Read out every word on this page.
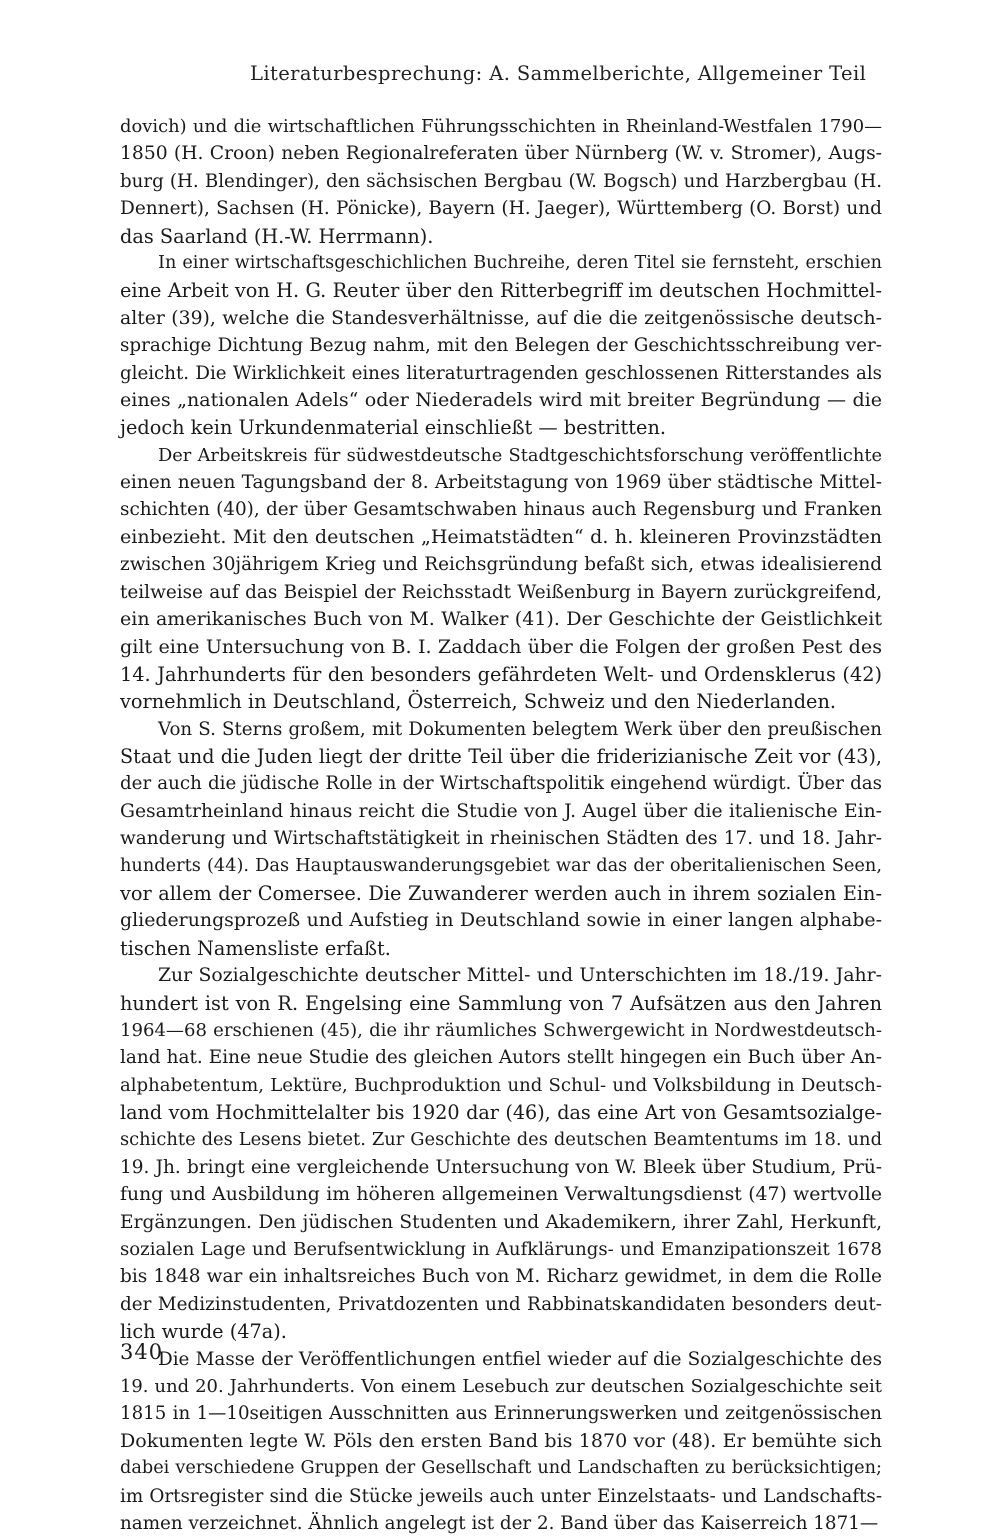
Literaturbesprechung: A. Sammelberichte, Allgemeiner Teil
dovich) und die wirtschaftlichen Führungsschichten in Rheinland-Westfalen 1790—
1850 (H. Croon) neben Regionalreferaten über Nürnberg (W. v. Stromer), Augs-
burg (H. Blendinger), den sächsischen Bergbau (W. Bogsch) und Harzbergbau (H.
Dennert), Sachsen (H. Pönicke), Bayern (H. Jaeger), Württemberg (O. Borst) und
das Saarland (H.-W. Herrmann).
In einer wirtschaftsgeschichlichen Buchreihe, deren Titel sie fernsteht, erschien
eine Arbeit von H. G. Reuter über den Ritterbegriff im deutschen Hochmittel-
alter (39), welche die Standesverhältnisse, auf die die zeitgenössische deutsch-
sprachige Dichtung Bezug nahm, mit den Belegen der Geschichtsschreibung ver-
gleicht. Die Wirklichkeit eines literaturtragenden geschlossenen Ritterstandes als
eines „nationalen Adels“ oder Niederadels wird mit breiter Begründung — die
jedoch kein Urkundenmaterial einschließt — bestritten.
Der Arbeitskreis für südwestdeutsche Stadtgeschichtsforschung veröffentlichte
einen neuen Tagungsband der 8. Arbeitstagung von 1969 über städtische Mittel-
schichten (40), der über Gesamtschwaben hinaus auch Regensburg und Franken
einbezieht. Mit den deutschen „Heimatstädten“ d. h. kleineren Provinzstädten
zwischen 30jährigem Krieg und Reichsgründung befaßt sich, etwas idealisierend
teilweise auf das Beispiel der Reichsstadt Weißenburg in Bayern zurückgreifend,
ein amerikanisches Buch von M. Walker (41). Der Geschichte der Geistlichkeit
gilt eine Untersuchung von B. I. Zaddach über die Folgen der großen Pest des
14. Jahrhunderts für den besonders gefährdeten Welt- und Ordensklerus (42)
vornehmlich in Deutschland, Österreich, Schweiz und den Niederlanden.
Von S. Sterns großem, mit Dokumenten belegtem Werk über den preußischen
Staat und die Juden liegt der dritte Teil über die friderizianische Zeit vor (43),
der auch die jüdische Rolle in der Wirtschaftspolitik eingehend würdigt. Über das
Gesamtrheinland hinaus reicht die Studie von J. Augel über die italienische Ein-
wanderung und Wirtschaftstätigkeit in rheinischen Städten des 17. und 18. Jahr-
hunderts (44). Das Hauptauswanderungsgebiet war das der oberitalienischen Seen,
vor allem der Comersee. Die Zuwanderer werden auch in ihrem sozialen Ein-
gliederungsprozeß und Aufstieg in Deutschland sowie in einer langen alphabe-
tischen Namensliste erfaßt.
Zur Sozialgeschichte deutscher Mittel- und Unterschichten im 18./19. Jahr-
hundert ist von R. Engelsing eine Sammlung von 7 Aufsätzen aus den Jahren
1964—68 erschienen (45), die ihr räumliches Schwergewicht in Nordwestdeutsch-
land hat. Eine neue Studie des gleichen Autors stellt hingegen ein Buch über An-
alphabetentum, Lektüre, Buchproduktion und Schul- und Volksbildung in Deutsch-
land vom Hochmittelalter bis 1920 dar (46), das eine Art von Gesamtsozialge-
schichte des Lesens bietet. Zur Geschichte des deutschen Beamtentums im 18. und
19. Jh. bringt eine vergleichende Untersuchung von W. Bleek über Studium, Prü-
fung und Ausbildung im höheren allgemeinen Verwaltungsdienst (47) wertvolle
Ergänzungen. Den jüdischen Studenten und Akademikern, ihrer Zahl, Herkunft,
sozialen Lage und Berufsentwicklung in Aufklärungs- und Emanzipationszeit 1678
bis 1848 war ein inhaltsreiches Buch von M. Richarz gewidmet, in dem die Rolle
der Medizinstudenten, Privatdozenten und Rabbinatskandidaten besonders deut-
lich wurde (47a).
Die Masse der Veröffentlichungen entfiel wieder auf die Sozialgeschichte des
19. und 20. Jahrhunderts. Von einem Lesebuch zur deutschen Sozialgeschichte seit
1815 in 1—10seitigen Ausschnitten aus Erinnerungswerken und zeitgenössischen
Dokumenten legte W. Pöls den ersten Band bis 1870 vor (48). Er bemühte sich
dabei verschiedene Gruppen der Gesellschaft und Landschaften zu berücksichtigen;
im Ortsregister sind die Stücke jeweils auch unter Einzelstaats- und Landschafts-
namen verzeichnet. Ähnlich angelegt ist der 2. Band über das Kaiserreich 1871—
340
